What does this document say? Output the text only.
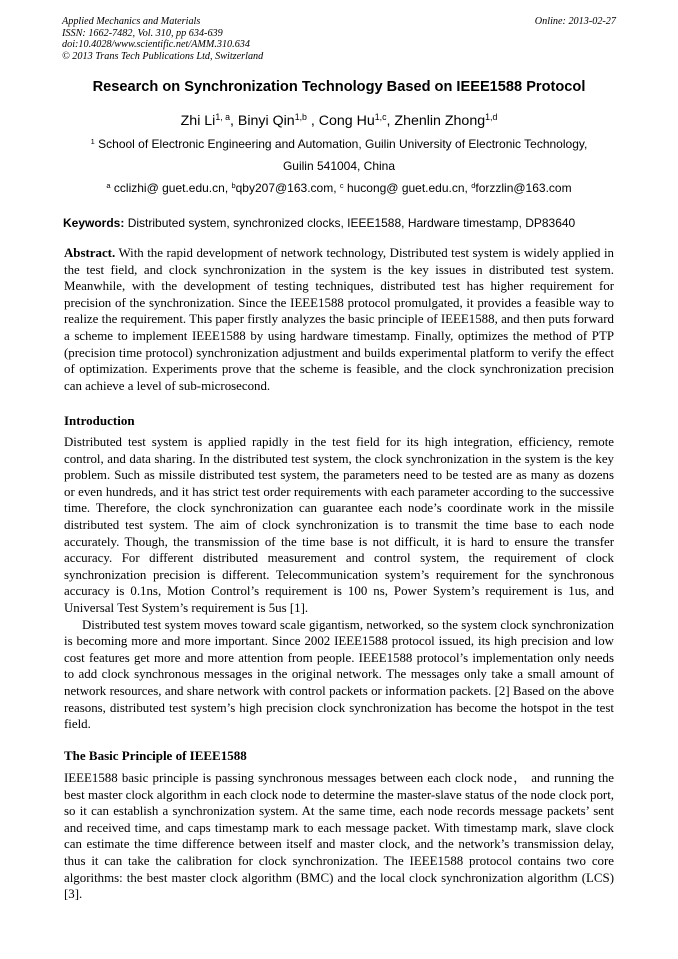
Applied Mechanics and Materials
ISSN: 1662-7482, Vol. 310, pp 634-639
doi:10.4028/www.scientific.net/AMM.310.634
© 2013 Trans Tech Publications Ltd, Switzerland
Online: 2013-02-27
Research on Synchronization Technology Based on IEEE1588 Protocol
Zhi Li$^{1, a}$, Binyi Qin$^{1,b}$ , Cong Hu$^{1,c}$, Zhenlin Zhong$^{1,d}$
$^1$ School of Electronic Engineering and Automation, Guilin University of Electronic Technology,
Guilin 541004, China
$^a$ cclizhi@ guet.edu.cn, $^b$qby207@163.com, $^c$ hucong@ guet.edu.cn, $^d$forzzlin@163.com
Keywords: Distributed system, synchronized clocks, IEEE1588, Hardware timestamp, DP83640

Abstract. With the rapid development of network technology, Distributed test system is widely applied in the test field, and clock synchronization in the system is the key issues in distributed test system. Meanwhile, with the development of testing techniques, distributed test has higher requirement for precision of the synchronization. Since the IEEE1588 protocol promulgated, it provides a feasible way to realize the requirement. This paper firstly analyzes the basic principle of IEEE1588, and then puts forward a scheme to implement IEEE1588 by using hardware timestamp. Finally, optimizes the method of PTP (precision time protocol) synchronization adjustment and builds experimental platform to verify the effect of optimization. Experiments prove that the scheme is feasible, and the clock synchronization precision can achieve a level of sub-microsecond.

Introduction

Distributed test system is applied rapidly in the test field for its high integration, efficiency, remote control, and data sharing. In the distributed test system, the clock synchronization in the system is the key problem. Such as missile distributed test system, the parameters need to be tested are as many as dozens or even hundreds, and it has strict test order requirements with each parameter according to the successive time. Therefore, the clock synchronization can guarantee each node’s coordinate work in the missile distributed test system. The aim of clock synchronization is to transmit the time base to each node accurately. Though, the transmission of the time base is not difficult, it is hard to ensure the transfer accuracy. For different distributed measurement and control system, the requirement of clock synchronization precision is different. Telecommunication system’s requirement for the synchronous accuracy is 0.1ns, Motion Control’s requirement is 100 ns, Power System’s requirement is 1us, and Universal Test System’s requirement is 5us [1].

Distributed test system moves toward scale gigantism, networked, so the system clock synchronization is becoming more and more important. Since 2002 IEEE1588 protocol issued, its high precision and low cost features get more and more attention from people. IEEE1588 protocol’s implementation only needs to add clock synchronous messages in the original network. The messages only take a small amount of network resources, and share network with control packets or information packets. [2] Based on the above reasons, distributed test system’s high precision clock synchronization has become the hotspot in the test field.

The Basic Principle of IEEE1588

IEEE1588 basic principle is passing synchronous messages between each clock node， and running the best master clock algorithm in each clock node to determine the master-slave status of the node clock port, so it can establish a synchronization system. At the same time, each node records message packets’ sent and received time, and caps timestamp mark to each message packet. With timestamp mark, slave clock can estimate the time difference between itself and master clock, and the network’s transmission delay, thus it can take the calibration for clock synchronization. The IEEE1588 protocol contains two core algorithms: the best master clock algorithm (BMC) and the local clock synchronization algorithm (LCS) [3].
